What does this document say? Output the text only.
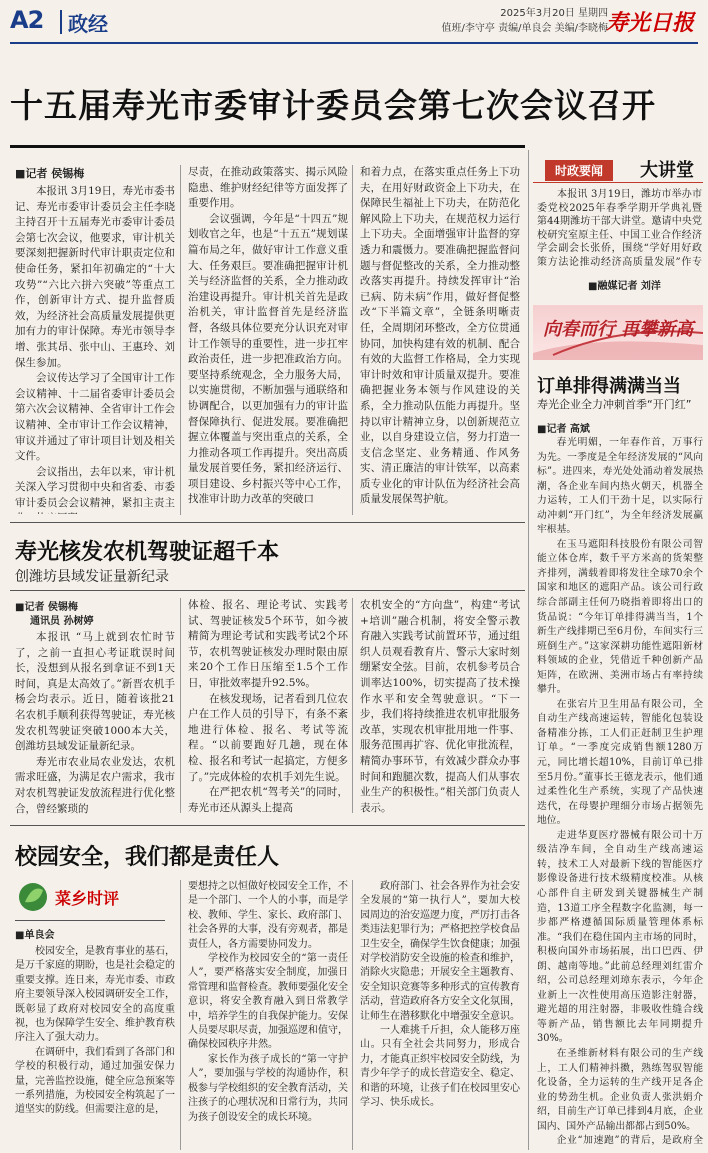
A2 政经	2025年3月20日 星期四
值班/李守亭 责编/单良会 美编/李晓梅
寿光日报
十五届寿光市委审计委员会第七次会议召开
■记者 侯锡梅

本报讯 3月19日，寿光市委书记、寿光市委审计委员会主任李晓主持召开十五届寿光市委审计委员会第七次会议，他要求，审计机关要深刻把握新时代审计职责定位和使命任务，紧扣年初确定的“十大攻势”“六比六拼六突破”等重点工作，创新审计方式、提升监督质效，为经济社会高质量发展提供更加有力的审计保障。寿光市领导李增、张其昂、张中山、王惠玲、刘保生参加。

会议传达学习了全国审计工作会议精神、十二届省委审计委员会第六次会议精神、全省审计工作会议精神、全市审计工作会议精神，审议并通过了审计项目计划及相关文件。

会议指出，去年以来，审计机关深入学习贯彻中央和省委、市委审计委员会会议精神，紧扣主责主

尽责，在推动政策落实、揭示风险隐患、维护财经纪律等方面发挥了重要作用。

会议强调，今年是“十四五”规划收官之年，也是“十五五”规划谋篇布局之年，做好审计工作意义重大、任务艰巨。要准确把握审计机关与经济监督的关系，全力推动政治建设再提升。审计机关首先是政治机关，审计监督首先是经济监督，各级具体位要充分认识充对审计工作领导的重要性，进一步扛牢政治责任，进一步把准政治方向。要坚持系统观念，全力服务大局，以实施贯彻，不断加强与通联络和协调配合，以更加强有力的审计监督保障执行、促进发展。要准确把握立体覆盖与突出重点的关系，全力推动各项工作再提升。突出高质量发展首要任务，紧扣经济运行、项目建设、乡村振兴等中心工作，找准审计助力改革的突破口

和着力点，在落实重点任务上下功夫，在用好财政资金上下功夫，在保障民生福祉上下功夫，在防范化解风险上下功夫，在规范权力运行上下功夫。全面增强审计监督的穿透力和震慑力。要准确把握监督问题与督促整改的关系，全力推动整改落实再提升。持续发挥审计“治已病、防未病”作用，做好督促整改“下半篇文章”，全链条明晰责任，全周期闭环整改，全方位贯通协同，加快构建有效的机制、配合有效的大监督工作格局，全力实现审计时效和审计质量双提升。要准确把握业务本领与作风建设的关系，全力推动队伍能力再提升。坚持以审计精神立身，以创新规范立业，以自身建设立信，努力打造一支信念坚定、业务精通、作风务实、清正廉洁的审计铁军，以高素质专业化的审计队伍为经济社会高质量发展保驾护航。

时政要闻	大讲堂

本报讯 3月19日，潍坊市举办市委党校2025年春季学期开学典礼暨第44期潍坊干部大讲堂。邀请中央党校研究室原主任、中国工业合作经济学会副会长张侨，围绕“学好用好政策方法论推动经济高质量发展”作专

■融媒记者 刘洋
向春而行 再攀新高
订单排得满满当当
寿光企业全力冲刺首季“开门红”
■记者 高斌

春光明媚，一年春作首，万事行为先。一季度是全年经济发展的“风向标”。进四来，寿光处处涌动着发展热潮，各企业车间内热火朝天，机器全力运转，工人们干劲十足，以实际行动冲刺“开门红”，为全年经济发展赢牢根基。

在玉马遮阳科技股份有限公司智能立体仓库，数千平方米高的货架整齐排列，满载着即将发往全球70余个国家和地区的遮阳产品。该公司行政综合部副主任何乃晓指着即将出口的货品说：“今年订单排得满当当，1个新生产线排期已至6月份，车间实行三班倒生产。”这家深耕功能性遮阳新材料领域的企业，凭借近千种创新产品矩阵，在欧洲、美洲市场占有率持续攀升。

在张宕片卫生用品有限公司，全自动生产线高速运转，智能化包装设备精准分拣，工人们正赶制卫生护理订单。“一季度完成销售额1280万元，同比增长超10%，目前订单已排至5月份。”董事长王德龙表示，他们通过柔性化生产系统，实现了产品快速迭代，在母婴护理细分市场占据领先地位。

走进华夏医疗器械有限公司十万级洁净车间，全自动生产线高速运转，技术工人对最新下线的智能医疗影像设备进行技术级精度校准。从核心部件自主研发到关键器械生产制造，13道工序全程数字化监测，每一步都严格遵循国际质量管理体系标准。“我们在稳住国内主市场的同时，积极向国外市场拓展，出口巴西、伊朗、越南等地。”此前总经理刘红雷介绍，公司总经理刘璋东表示，今年企业新上一次性使用高压造影注射器，避光超的用注射器，非吸收性缝合线等新产品，销售额比去年同期提升30%。

在圣维新材料有限公司的生产线上，工人们精神抖擞，熟练驾驭智能化设备，全力运转的生产线开足各企业的势劲生机。企业负责人张洪娟介绍，目前生产订单已排到4月底，企业国内、国外产品输出都都占到50%。

企业“加速跑”的背后，是政府全

寿光核发农机驾驶证超千本
创潍坊县域发证量新纪录
■记者 侯锡梅
通讯员 孙树婷

本报讯 “马上就到农忙时节了，之前一直担心考证耽误时间长，没想到从报名到拿证不到1天时间，真是太高效了。”新晋农机手杨会均表示。近日，随着该批21名农机手顺利获得驾驶证，寿光核发农机驾驶证突破1000本大关，创潍坊县域发证量新纪录。

寿光市农业局农业发达，农机需求旺盛，为满足农户需求，我市对农机驾驶证发放流程进行优化整合，曾经繁琐的

体检、报名、理论考试、实践考试、驾驶证核发5个环节，如今被精简为理论考试和实践考试2个环节，农机驾驶证核发办理时限由原来20个工作日压缩至1.5个工作日，审批效率提升92.5%。

在核发现场，记者看到几位农户在工作人员的引导下，有条不紊地进行体检、报名、考试等流程。“以前要跑好几趟，现在体检、报名和考试一起搞定，方便多了。”完成体检的农机手刘先生说。

在严把农机“驾考关”的同时，寿光市还从源头上提高

农机安全的“方向盘”，构建“考试+培训”融合机制，将安全警示教育融入实践考试前置环节，通过组织人员观看教育片、警示大家时刻绷紧安全弦。目前，农机参考员合训率达100%，切实提高了技术操作水平和安全驾驶意识。“下一步，我们将持续推进农机审批服务改革，实现农机审批用地一件事、服务范围再扩容、优化审批流程，精简办事环节，有效减少群众办事时间和跑腿次数，提高人们从事农业生产的积极性。”相关部门负责人表示。

校园安全，我们都是责任人
菜乡时评
■单良会

校园安全，是教育事业的基石，是万千家庭的期盼，也是社会稳定的重要支撑。连日来，寿光市委、市政府主要领导深入校园调研安全工作，既彰显了政府对校园安全的高度重视，也为保障学生安全、维护教育秩序注入了强大动力。

在调研中，我们看到了各部门和学校的积极行动，通过加强安保力量，完善监控设施，健全应急预案等一系列措施，为校园安全构筑起了一道坚实的防线。但需要注意的是，

要想持之以恒做好校园安全工作，不是一个部门、一个人的小事，而是学校、教师、学生、家长、政府部门、社会各界的大事，没有旁观者，都是责任人，各方需要协同发力。

学校作为校园安全的“第一责任人”，要严格落实安全制度，加强日常管理和监督检查。教师要强化安全意识，将安全教育融入到日常教学中，培养学生的自我保护能力。安保人员要尽职尽责，加强巡逻和值守，确保校园秩序井然。

家长作为孩子成长的“第一守护人”，要加强与学校的沟通协作，积极参与学校组织的安全教育活动，关注孩子的心理状况和日常行为，共同为孩子创设安全的成长环境。

政府部门、社会各界作为社会安全发展的“第一执行人”，要加大校园周边的治安巡逻力度，严厉打击各类违法犯罪行为；严格把控学校食品卫生安全，确保学生饮食健康；加强对学校消防安全设施的检查和维护，消除火灾隐患；开展安全主题教育、安全知识竞赛等多种形式的宣传教育活动，营造政府各方安全文化氛围，让师生在潜移默化中增强安全意识。

一人难挑千斤担，众人能移万座山。只有全社会共同努力，形成合力，才能真正织牢校园安全防线，为青少年学子的成长营造安全、稳定、和谐的环境，让孩子们在校园里安心学习、快乐成长。
